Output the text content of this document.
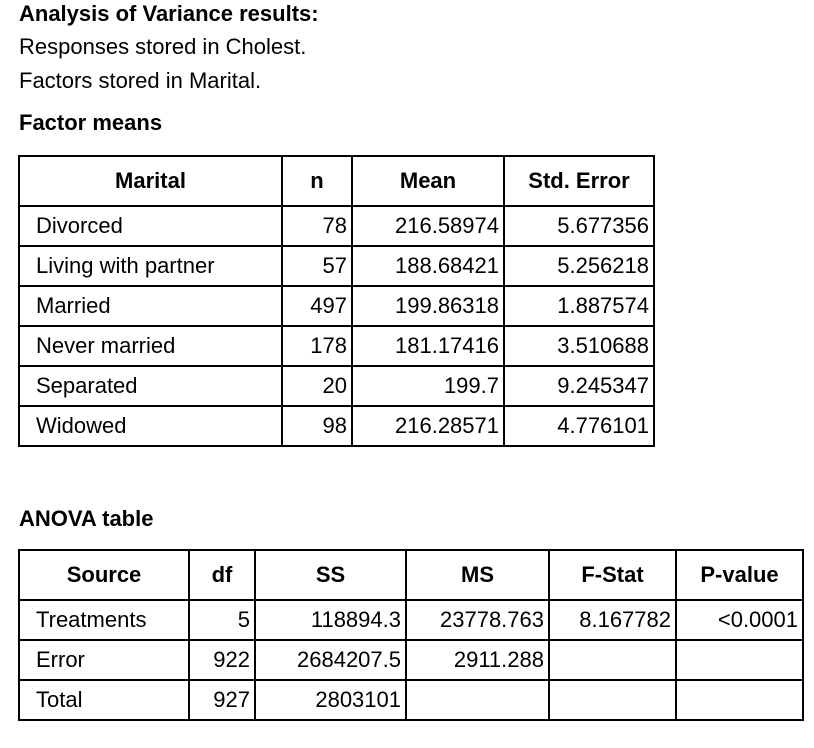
Analysis of Variance results:
Responses stored in Cholest.
Factors stored in Marital.
Factor means
Marital	n	Mean	Std. Error
Divorced	78	216.58974	5.677356
Living with partner	57	188.68421	5.256218
Married	497	199.86318	1.887574
Never married	178	181.17416	3.510688
Separated	20	199.7	9.245347
Widowed	98	216.28571	4.776101
ANOVA table
Source	df	SS	MS	F-Stat	P-value
Treatments	5	118894.3	23778.763	8.167782	<0.0001
Error	922	2684207.5	2911.288		
Total	927	2803101			
